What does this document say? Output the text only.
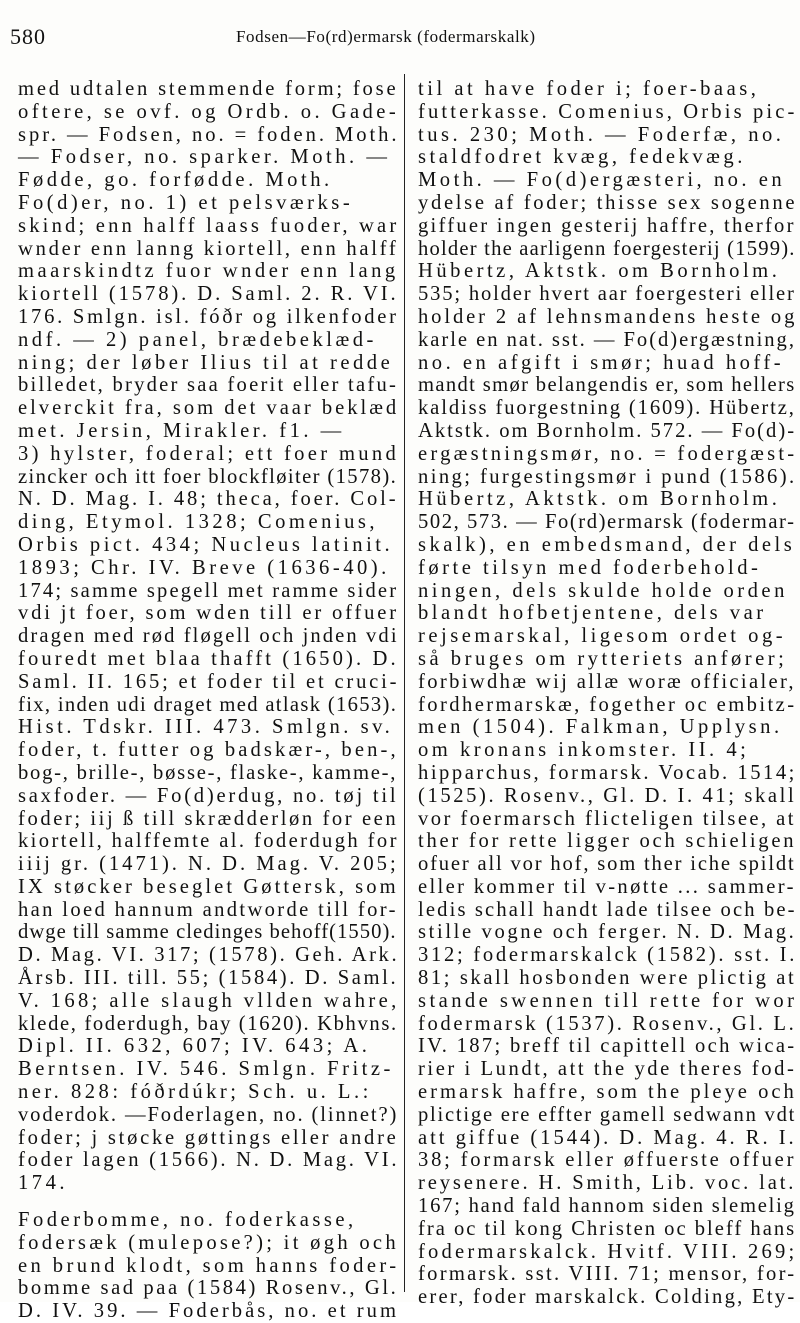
580	Fodsen—Fo(rd)ermarsk (fodermarskalk)
med udtalen stemmende form; fose
oftere, se ovf. og Ordb. o. Gade-
spr. — Fodsen, no. = foden. Moth.
— Fodser, no. sparker. Moth. —
Fødde, go. forfødde. Moth.
Fo(d)er, no. 1) et pelsværks-
skind; enn halff laass fuoder, war
wnder enn lanng kiortell, enn halff
maarskindtz fuor wnder enn lang
kiortell (1578). D. Saml. 2. R. VI.
176. Smlgn. isl. fóðr og ilkenfoder
ndf. — 2) panel, brædebeklæd-
ning; der løber Ilius til at redde
billedet, bryder saa foerit eller tafu-
elverckit fra, som det vaar beklæd
met. Jersin, Mirakler. f1. —
3) hylster, foderal; ett foer mund
zincker och itt foer blockfløiter (1578).
N. D. Mag. I. 48; theca, foer. Col-
ding, Etymol. 1328; Comenius,
Orbis pict. 434; Nucleus latinit.
1893; Chr. IV. Breve (1636-40).
174; samme spegell met ramme sider
vdi jt foer, som wden till er offuer
dragen med rød fløgell och jnden vdi
fouredt met blaa thafft (1650). D.
Saml. II. 165; et foder til et cruci-
fix, inden udi draget med atlask (1653).
Hist. Tdskr. III. 473. Smlgn. sv.
foder, t. futter og badskær-, ben-,
bog-, brille-, bøsse-, flaske-, kamme-,
saxfoder. — Fo(d)erdug, no. tøj til
foder; iij ß till skrædderløn for een
kiortell, halffemte al. foderdugh for
iiij gr. (1471). N. D. Mag. V. 205;
IX støcker beseglet Gøttersk, som
han loed hannum andtworde till for-
dwge till samme cledinges behoff(1550).
D. Mag. VI. 317; (1578). Geh. Ark.
Årsb. III. till. 55; (1584). D. Saml.
V. 168; alle slaugh vllden wahre,
klede, foderdugh, bay (1620). Kbhvns.
Dipl. II. 632, 607; IV. 643; A.
Berntsen. IV. 546. Smlgn. Fritz-
ner. 828: fóðrdúkr; Sch. u. L.:
voderdok. —Foderlagen, no. (linnet?)
foder; j støcke gøttings eller andre
foder lagen (1566). N. D. Mag. VI.
174.
Foderbomme, no. foderkasse,
fodersæk (mulepose?); it øgh och
en brund klodt, som hanns foder-
bomme sad paa (1584) Rosenv., Gl.
D. IV. 39. — Foderbås, no. et rum
til at have foder i; foer-baas,
futterkasse. Comenius, Orbis pic-
tus. 230; Moth. — Foderfæ, no.
staldfodret kvæg, fedekvæg.
Moth. — Fo(d)ergæsteri, no. en
ydelse af foder; thisse sex sogenne
giffuer ingen gesterij haffre, therfor
holder the aarligenn foergesterij (1599).
Hübertz, Aktstk. om Bornholm.
535; holder hvert aar foergesteri eller
holder 2 af lehnsmandens heste og
karle en nat. sst. — Fo(d)ergæstning,
no. en afgift i smør; huad hoff-
mandt smør belangendis er, som hellers
kaldiss fuorgestning (1609). Hübertz,
Aktstk. om Bornholm. 572. — Fo(d)-
ergæstningsmør, no. = fodergæst-
ning; furgestingsmør i pund (1586).
Hübertz, Aktstk. om Bornholm.
502, 573. — Fo(rd)ermarsk (fodermar-
skalk), en embedsmand, der dels
førte tilsyn med foderbehold-
ningen, dels skulde holde orden
blandt hofbetjentene, dels var
rejsemarskal, ligesom ordet og-
så bruges om rytteriets anfører;
forbiwdhæ wij allæ woræ officialer,
fordhermarskæ, fogether oc embitz-
men (1504). Falkman, Upplysn.
om kronans inkomster. II. 4;
hipparchus, formarsk. Vocab. 1514;
(1525). Rosenv., Gl. D. I. 41; skall
vor foermarsch flicteligen tilsee, at
ther for rette ligger och schieligen
ofuer all vor hof, som ther iche spildt
eller kommer til v-nøtte ... sammer-
ledis schall handt lade tilsee och be-
stille vogne och ferger. N. D. Mag.
312; fodermarskalck (1582). sst. I.
81; skall hosbonden were plictig at
stande swennen till rette for wor
fodermarsk (1537). Rosenv., Gl. L.
IV. 187; breff til capittell och wica-
rier i Lundt, att the yde theres fod-
ermarsk haffre, som the pleye och
plictige ere effter gamell sedwann vdt
att giffue (1544). D. Mag. 4. R. I.
38; formarsk eller øffuerste offuer
reysenere. H. Smith, Lib. voc. lat.
167; hand fald hannom siden slemelig
fra oc til kong Christen oc bleff hans
fodermarskalck. Hvitf. VIII. 269;
formarsk. sst. VIII. 71; mensor, for-
erer, foder marskalck. Colding, Ety-
